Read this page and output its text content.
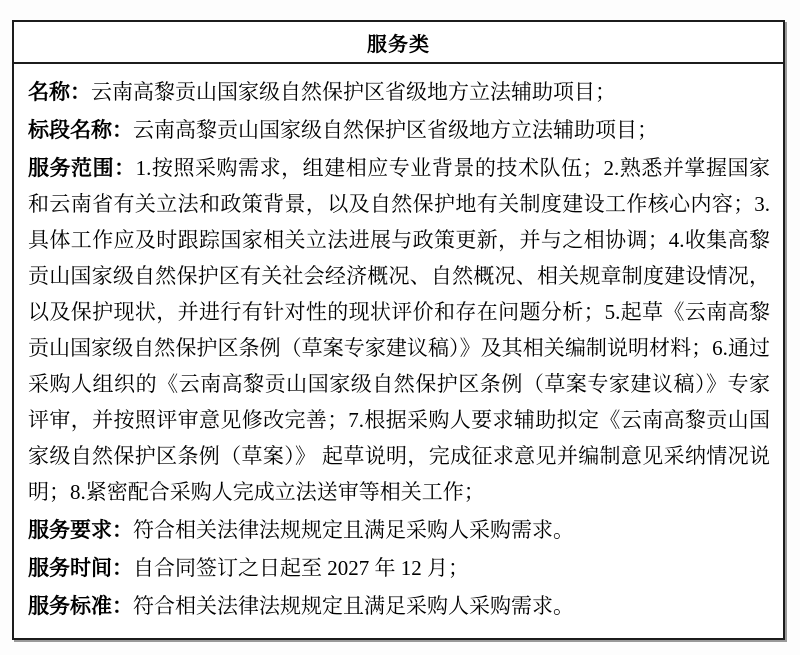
服务类
名称：云南高黎贡山国家级自然保护区省级地方立法辅助项目；
标段名称：云南高黎贡山国家级自然保护区省级地方立法辅助项目；
服务范围：1.按照采购需求，组建相应专业背景的技术队伍；2.熟悉并掌握国家和云南省有关立法和政策背景，以及自然保护地有关制度建设工作核心内容；3.具体工作应及时跟踪国家相关立法进展与政策更新，并与之相协调；4.收集高黎贡山国家级自然保护区有关社会经济概况、自然概况、相关规章制度建设情况，以及保护现状，并进行有针对性的现状评价和存在问题分析；5.起草《云南高黎贡山国家级自然保护区条例（草案专家建议稿）》及其相关编制说明材料；6.通过采购人组织的《云南高黎贡山国家级自然保护区条例（草案专家建议稿）》专家评审，并按照评审意见修改完善；7.根据采购人要求辅助拟定《云南高黎贡山国家级自然保护区条例（草案）》 起草说明，完成征求意见并编制意见采纳情况说明；8.紧密配合采购人完成立法送审等相关工作；
服务要求：符合相关法律法规规定且满足采购人采购需求。
服务时间：自合同签订之日起至 2027 年 12 月；
服务标准：符合相关法律法规规定且满足采购人采购需求。
